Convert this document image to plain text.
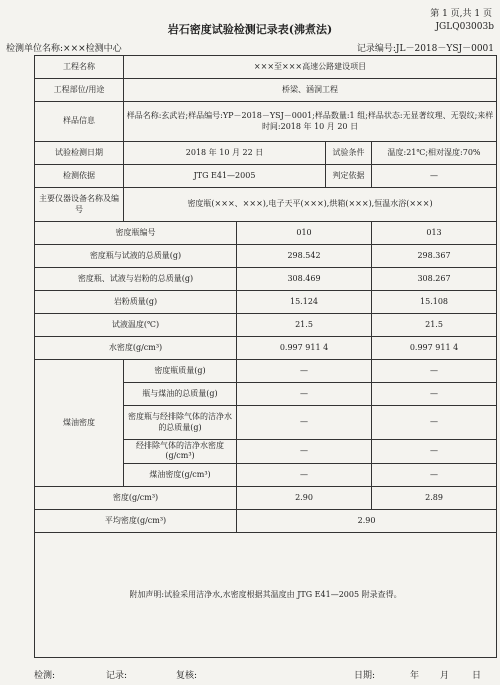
第 1 页,共 1 页
岩石密度试验检测记录表(沸煮法)	JGLQ03003b
检测单位名称:×××检测中心	记录编号:JL－2018－YSJ－0001
工程名称	×××至×××高速公路建设项目			
工程部位/用途	桥梁、涵洞工程			
样品信息	样品名称:玄武岩;样品编号:YP－2018－YSJ－0001;样品数量:1 组;样品状态:无显著纹理、无裂纹;来样时间:2018 年 10 月 20 日			
试验检测日期	2018 年 10 月 22 日		试验条件	温度:21℃;相对湿度:70%
检测依据	JTG E41—2005		判定依据	—
主要仪器设备名称及编号	密度瓶(×××、×××),电子天平(×××),烘箱(×××),恒温水浴(×××)			
密度瓶编号		010		013
密度瓶与试液的总质量(g)		298.542		298.367
密度瓶、试液与岩粉的总质量(g)		308.469		308.267
岩粉质量(g)		15.124		15.108
试液温度(℃)		21.5		21.5
水密度(g/cm³)		0.997 911 4		0.997 911 4
煤油密度	密度瓶质量(g)	—		—
	瓶与煤油的总质量(g)	—		—
	密度瓶与经排除气体的洁净水的总质量(g)	—		—
	经排除气体的洁净水密度(g/cm³)	—		—
	煤油密度(g/cm³)	—		—
密度(g/cm³)		2.90		2.89
平均密度(g/cm³)		2.90		
附加声明:试验采用洁净水,水密度根据其温度由 JTG E41—2005 附录查得。				
检测:	记录:	复核:	日期:	年 月	日
